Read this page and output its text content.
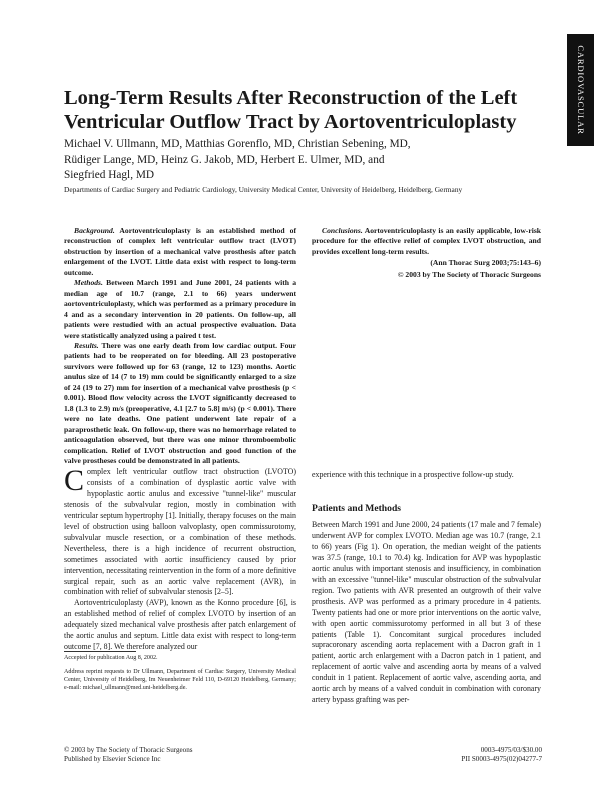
CARDIOVASCULAR
Long-Term Results After Reconstruction of the Left Ventricular Outflow Tract by Aortoventriculoplasty
Michael V. Ullmann, MD, Matthias Gorenflo, MD, Christian Sebening, MD,
Rüdiger Lange, MD, Heinz G. Jakob, MD, Herbert E. Ulmer, MD, and
Siegfried Hagl, MD
Departments of Cardiac Surgery and Pediatric Cardiology, University Medical Center, University of Heidelberg, Heidelberg, Germany

Background. Aortoventriculoplasty is an established method of reconstruction of complex left ventricular outflow tract (LVOT) obstruction by insertion of a mechanical valve prosthesis after patch enlargement of the LVOT. Little data exist with respect to long-term outcome.

Methods. Between March 1991 and June 2001, 24 patients with a median age of 10.7 (range, 2.1 to 66) years underwent aortoventriculoplasty, which was performed as a primary procedure in 4 and as a secondary intervention in 20 patients. On follow-up, all patients were restudied with an actual prospective evaluation. Data were statistically analyzed using a paired t test.

Results. There was one early death from low cardiac output. Four patients had to be reoperated on for bleeding. All 23 postoperative survivors were followed up for 63 (range, 12 to 123) months. Aortic anulus size of 14 (7 to 19) mm could be significantly enlarged to a size of 24 (19 to 27) mm for insertion of a mechanical valve prosthesis (p < 0.001). Blood flow velocity across the LVOT significantly decreased to 1.8 (1.3 to 2.9) m/s (preoperative, 4.1 [2.7 to 5.8] m/s) (p < 0.001). There were no late deaths. One patient underwent late repair of a paraprosthetic leak. On follow-up, there was no hemorrhage related to anticoagulation observed, but there was one minor thromboembolic complication. Relief of LVOT obstruction and good function of the valve prostheses could be demonstrated in all patients.

Conclusions. Aortoventriculoplasty is an easily applicable, low-risk procedure for the effective relief of complex LVOT obstruction, and provides excellent long-term results.

(Ann Thorac Surg 2003;75:143–6)
© 2003 by The Society of Thoracic Surgeons

Complex left ventricular outflow tract obstruction (LVOTO) consists of a combination of dysplastic aortic valve with hypoplastic aortic anulus and excessive "tunnel-like" muscular stenosis of the subvalvular region, mostly in combination with ventricular septum hypertrophy [1]. Initially, therapy focuses on the main level of obstruction using balloon valvoplasty, open commissurotomy, subvalvular muscle resection, or a combination of these methods. Nevertheless, there is a high incidence of recurrent obstruction, sometimes associated with aortic insufficiency caused by prior intervention, necessitating reintervention in the form of a more definitive surgical repair, such as an aortic valve replacement (AVR), in combination with relief of subvalvular stenosis [2–5].

Aortoventriculoplasty (AVP), known as the Konno procedure [6], is an established method of relief of complex LVOTO by insertion of an adequately sized mechanical valve prosthesis after patch enlargement of the aortic anulus and septum. Little data exist with respect to long-term outcome [7, 8]. We therefore analyzed our

experience with this technique in a prospective follow-up study.

Patients and Methods

Between March 1991 and June 2000, 24 patients (17 male and 7 female) underwent AVP for complex LVOTO. Median age was 10.7 (range, 2.1 to 66) years (Fig 1). On operation, the median weight of the patients was 37.5 (range, 10.1 to 70.4) kg. Indication for AVP was hypoplastic aortic anulus with important stenosis and insufficiency, in combination with an excessive "tunnel-like" muscular obstruction of the subvalvular region. Two patients with AVR presented an outgrowth of their valve prosthesis. AVP was performed as a primary procedure in 4 patients. Twenty patients had one or more prior interventions on the aortic valve, with open aortic commissurotomy performed in all but 3 of these patients (Table 1). Concomitant surgical procedures included supracoronary ascending aorta replacement with a Dacron graft in 1 patient, aortic arch enlargement with a Dacron patch in 1 patient, and replacement of aortic valve and ascending aorta by means of a valved conduit in 1 patient. Replacement of aortic valve, ascending aorta, and aortic arch by means of a valved conduit in combination with coronary artery bypass grafting was per-

Accepted for publication Aug 8, 2002.
Address reprint requests to Dr Ullmann, Department of Cardiac Surgery, University Medical Center, University of Heidelberg, Im Neuenheimer Feld 110, D-69120 Heidelberg, Germany; e-mail: michael_ullmann@med.uni-heidelberg.de.
© 2003 by The Society of Thoracic Surgeons
Published by Elsevier Science Inc
0003-4975/03/$30.00
PII S0003-4975(02)04277-7
